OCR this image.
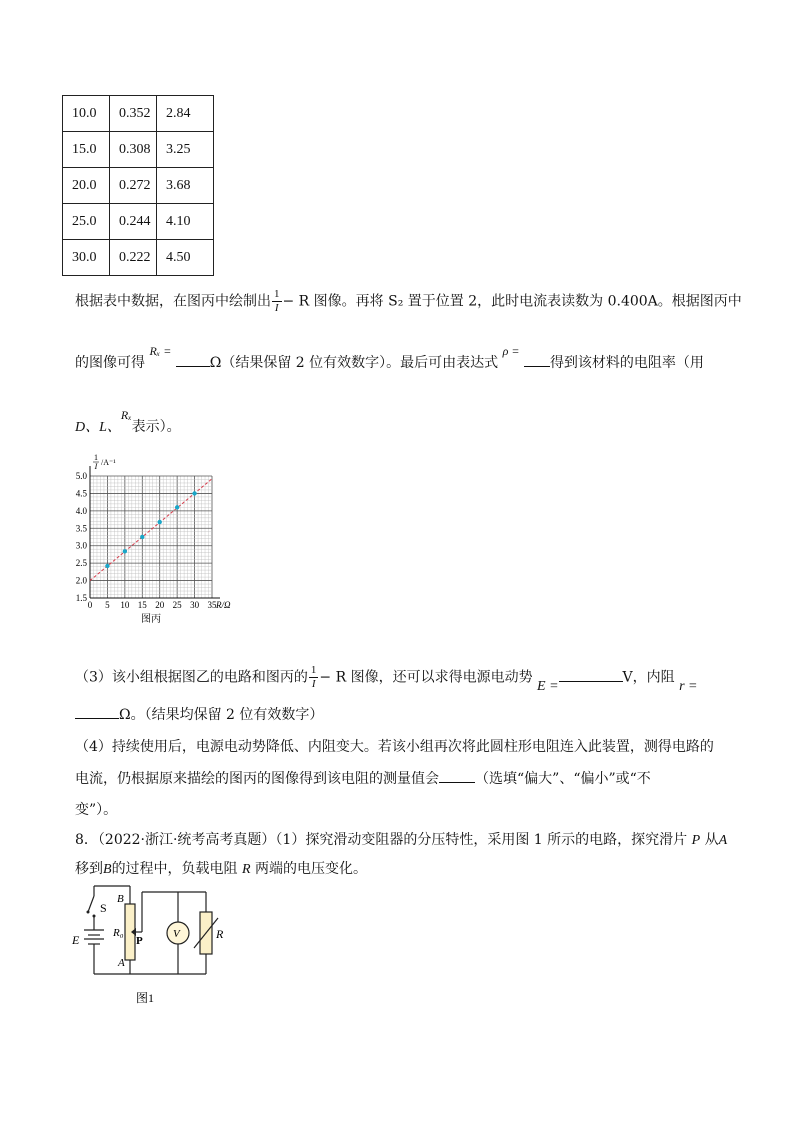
10.0	0.352	2.84
15.0	0.308	3.25
20.0	0.272	3.68
25.0	0.244	4.10
30.0	0.222	4.50
根据表中数据，在图丙中绘制出 $\frac{1}{I} - R$ 图像。再将 S₂ 置于位置 2，此时电流表读数为 0.400A。根据图丙中
的图像可得 Rₓ = Ω（结果保留 2 位有效数字）。最后可由表达式 ρ = 得到该材料的电阻率（用
D、L、Rₓ表示）。
0 5 10 15 20 25 30 35
1.5
2.0
2.5
3.0
3.5
4.0
4.5
5.0
R/Ω
1
I /A⁻¹
图丙
（3）该小组根据图乙的电路和图丙的 $\frac{1}{I} - R$ 图像，还可以求得电源电动势 E =V，内阻 r =
Ω。（结果均保留 2 位有效数字）
（4）持续使用后，电源电动势降低、内阻变大。若该小组再次将此圆柱形电阻连入此装置，测得电路的
电流，仍根据原来描绘的图丙的图像得到该电阻的测量值会	（选填“偏大”、“偏小”或“不
变”）。
8．（2022·浙江·统考高考真题）（1）探究滑动变阻器的分压特性，采用图 1 所示的电路，探究滑片 P 从A
移到B的过程中，负载电阻 R 两端的电压变化。
S
E
B
R₀
P
A
V	R
图1
